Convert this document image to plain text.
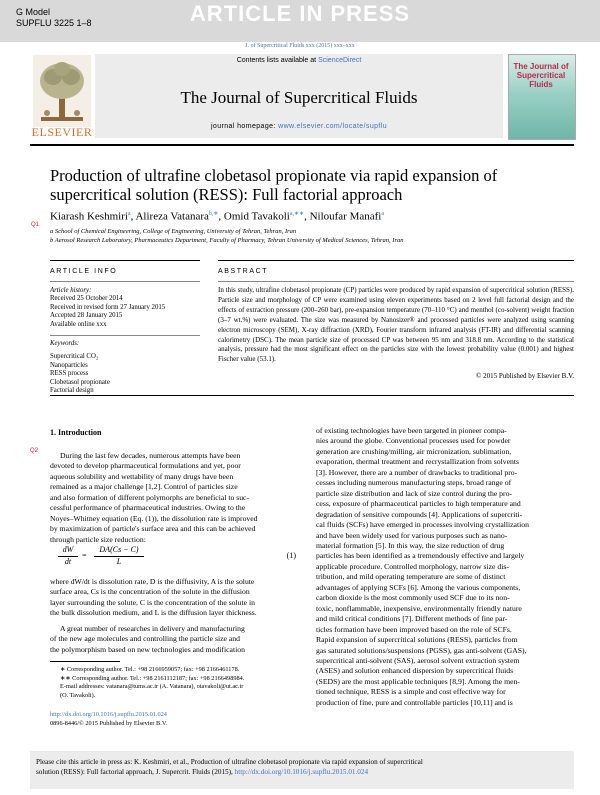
G Model
SUPFLU 3225 1–8	ARTICLE IN PRESS
J. of Supercritical Fluids xxx (2015) xxx–xxx
ELSEVIER
Contents lists available at ScienceDirect
The Journal of Supercritical Fluids
journal homepage: www.elsevier.com/locate/supflu
The Journal of Supercritical Fluids
Production of ultrafine clobetasol propionate via rapid expansion of supercritical solution (RESS): Full factorial approach
Q1
Kiarash Keshmiri$^a$, Alireza Vatanara$^{b,∗}$, Omid Tavakoli$^{a,∗∗}$, Niloufar Manafi$^a$
a School of Chemical Engineering, College of Engineering, University of Tehran, Tehran, Iran
b Aerosol Research Laboratory, Pharmaceutics Department, Faculty of Pharmacy, Tehran University of Medical Sciences, Tehran, Iran
ARTICLE INFO
Article history:
Received 25 October 2014
Received in revised form 27 January 2015
Accepted 28 January 2015
Available online xxx
Keywords:
Supercritical CO₂
Nanoparticles
RESS process
Clobetasol propionate
Factorial design
ABSTRACT
In this study, ultrafine clobetasol propionate (CP) particles were produced by rapid expansion of supercritical solution (RESS). Particle size and morphology of CP were examined using eleven experiments based on 2 level full factorial design and the effects of extraction pressure (200–260 bar), pre-expansion temperature (70–110 °C) and menthol (co-solvent) weight fraction (3–7 wt.%) were evaluated. The size was measured by Nanosizer® and processed particles were analyzed using scanning electron microscopy (SEM), X-ray diffraction (XRD), Fourier transform infrared analysis (FT-IR) and differential scanning calorimetry (DSC). The mean particle size of processed CP was between 95 nm and 318.8 nm. According to the statistical analysis, pressure had the most significant effect on the particles size with the lowest probability value (0.001) and highest Fischer value (53.1).
© 2015 Published by Elsevier B.V.
1. Introduction
Q2	During the last few decades, numerous attempts have been
devoted to develop pharmaceutical formulations and yet, poor
aqueous solubility and wettability of many drugs have been
remained as a major challenge [1,2]. Control of particles size
and also formation of different polymorphs are beneficial to suc-
cessful performance of pharmaceutical industries. Owing to the
Noyes–Whitney equation (Eq. (1)), the dissolution rate is improved
by maximization of particle's surface area and this can be achieved
through particle size reduction:
dW
dt
=
DA(Cs − C)
L
(1)
where dW/dt is dissolution rate, D is the diffusivity, A is the solute
surface area, Cs is the concentration of the solute in the diffusion
layer surrounding the solute, C is the concentration of the solute in
the bulk dissolution medium, and L is the diffusion layer thickness.
A great number of researches in delivery and manufacturing
of the new age molecules and controlling the particle size and
the polymorphism based on new technologies and modification
of existing technologies have been targeted in pioneer compa-
nies around the globe. Conventional processes used for powder
generation are crushing/milling, air micronization, sublimation,
evaporation, thermal treatment and recrystallization from solvents
[3]. However, there are a number of drawbacks to traditional pro-
cesses including numerous manufacturing steps, broad range of
particle size distribution and lack of size control during the pro-
cess, exposure of pharmaceutical particles to high temperature and
degradation of sensitive compounds [4]. Applications of supercriti-
cal fluids (SCFs) have emerged in processes involving crystallization
and have been widely used for various purposes such as nano-
material formation [5]. In this way, the size reduction of drug
particles has been identified as a tremendously effective and largely
applicable procedure. Controlled morphology, narrow size dis-
tribution, and mild operating temperature are some of distinct
advantages of applying SCFs [6]. Among the various components,
carbon dioxide is the most commonly used SCF due to its non-
toxic, nonflammable, inexpensive, environmentally friendly nature
and mild critical conditions [7]. Different methods of fine par-
ticles formation have been improved based on the role of SCFs.
Rapid expansion of supercritical solutions (RESS), particles from
gas saturated solutions/suspensions (PGSS), gas anti-solvent (GAS),
supercritical anti-solvent (SAS), aerosol solvent extraction system
(ASES) and solution enhanced dispersion by supercritical fluids
(SEDS) are the most applicable techniques [8,9]. Among the men-
tioned technique, RESS is a simple and cost effective way for
production of fine, pure and controllable particles [10,11] and is
∗ Corresponding author. Tel.: +98 2166959057; fax: +98 2166461178.
∗∗ Corresponding author. Tel.: +98 2161112187; fax: +98 2166498984.
E-mail addresses: vatanara@tums.ac.ir (A. Vatanara), otavakoli@ut.ac.ir
(O. Tavakoli).
http://dx.doi.org/10.1016/j.supflu.2015.01.024
0896-8446/© 2015 Published by Elsevier B.V.
Please cite this article in press as: K. Keshmiri, et al., Production of ultrafine clobetasol propionate via rapid expansion of supercritical
solution (RESS): Full factorial approach, J. Supercrit. Fluids (2015), http://dx.doi.org/10.1016/j.supflu.2015.01.024
